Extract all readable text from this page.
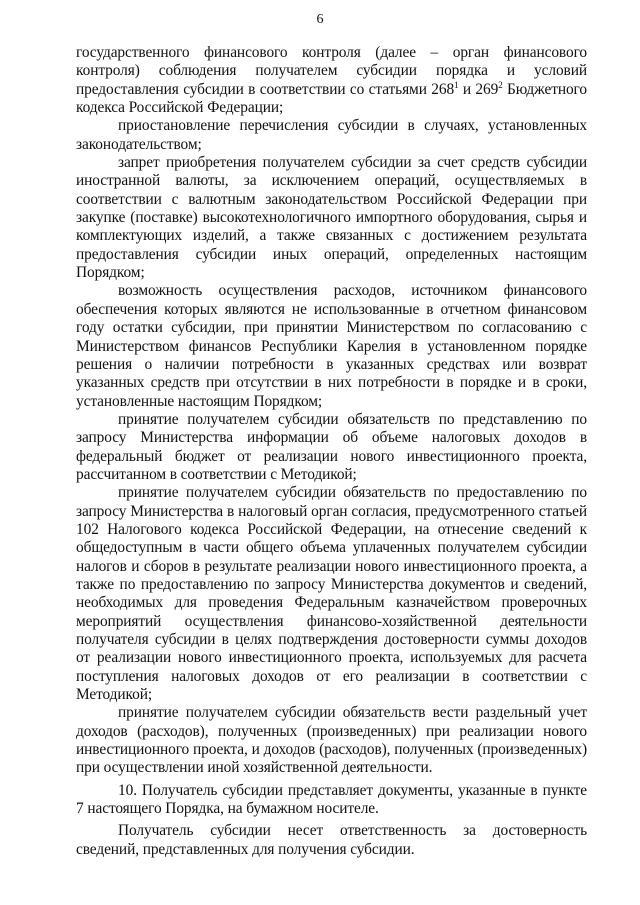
6

государственного финансового контроля (далее – орган финансового контроля) соблюдения получателем субсидии порядка и условий предоставления субсидии в соответствии со статьями $268^1$ и $269^2$ Бюджетного кодекса Российской Федерации;

приостановление перечисления субсидии в случаях, установленных законодательством;

запрет приобретения получателем субсидии за счет средств субсидии иностранной валюты, за исключением операций, осуществляемых в соответствии с валютным законодательством Российской Федерации при закупке (поставке) высокотехнологичного импортного оборудования, сырья и комплектующих изделий, а также связанных с достижением результата предоставления субсидии иных операций, определенных настоящим Порядком;

возможность осуществления расходов, источником финансового обеспечения которых являются не использованные в отчетном финансовом году остатки субсидии, при принятии Министерством по согласованию с Министерством финансов Республики Карелия в установленном порядке решения о наличии потребности в указанных средствах или возврат указанных средств при отсутствии в них потребности в порядке и в сроки, установленные настоящим Порядком;

принятие получателем субсидии обязательств по представлению по запросу Министерства информации об объеме налоговых доходов в федеральный бюджет от реализации нового инвестиционного проекта, рассчитанном в соответствии с Методикой;

принятие получателем субсидии обязательств по предоставлению по запросу Министерства в налоговый орган согласия, предусмотренного статьей 102 Налогового кодекса Российской Федерации, на отнесение сведений к общедоступным в части общего объема уплаченных получателем субсидии налогов и сборов в результате реализации нового инвестиционного проекта, а также по предоставлению по запросу Министерства документов и сведений, необходимых для проведения Федеральным казначейством проверочных мероприятий осуществления финансово-хозяйственной деятельности получателя субсидии в целях подтверждения достоверности суммы доходов от реализации нового инвестиционного проекта, используемых для расчета поступления налоговых доходов от его реализации в соответствии с Методикой;

принятие получателем субсидии обязательств вести раздельный учет доходов (расходов), полученных (произведенных) при реализации нового инвестиционного проекта, и доходов (расходов), полученных (произведенных) при осуществлении иной хозяйственной деятельности.

10. Получатель субсидии представляет документы, указанные в пункте 7 настоящего Порядка, на бумажном носителе.

Получатель субсидии несет ответственность за достоверность сведений, представленных для получения субсидии.
